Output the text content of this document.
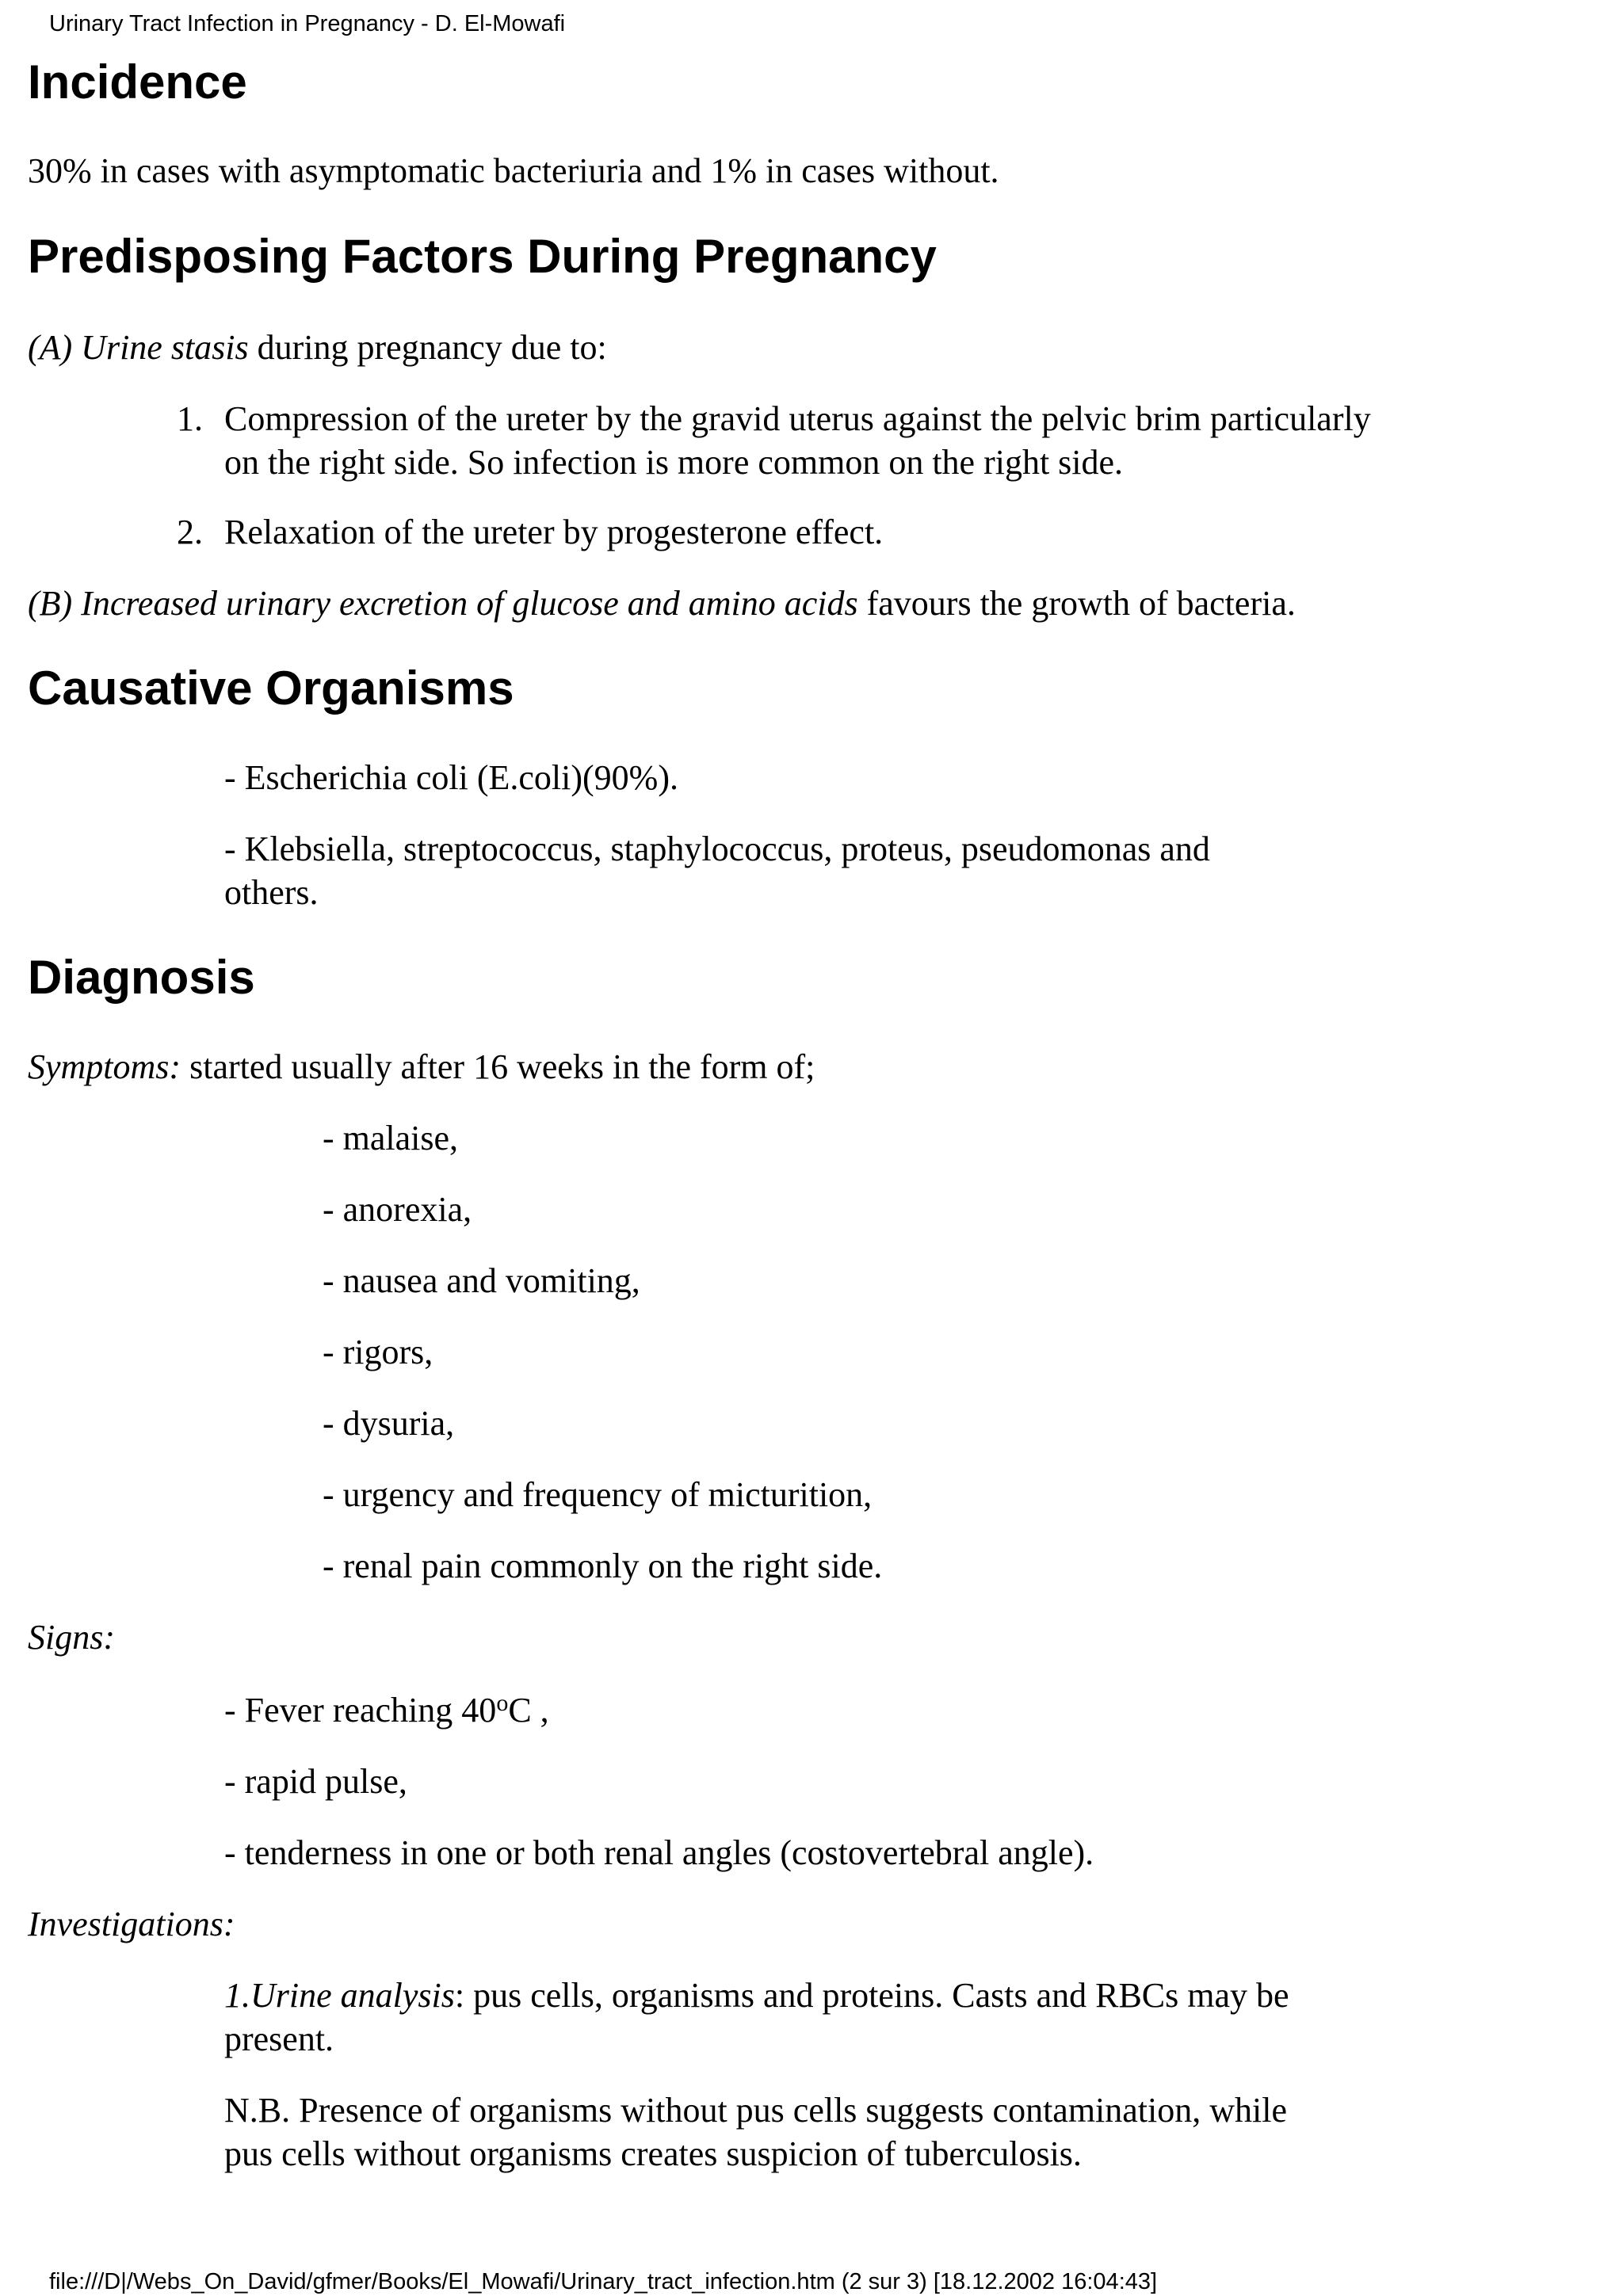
Urinary Tract Infection in Pregnancy - D. El-Mowafi
Incidence
30% in cases with asymptomatic bacteriuria and 1% in cases without.
Predisposing Factors During Pregnancy
(A) Urine stasis during pregnancy due to:
1. Compression of the ureter by the gravid uterus against the pelvic brim particularly
on the right side. So infection is more common on the right side.
2. Relaxation of the ureter by progesterone effect.
(B) Increased urinary excretion of glucose and amino acids favours the growth of bacteria.
Causative Organisms
- Escherichia coli (E.coli)(90%).
- Klebsiella, streptococcus, staphylococcus, proteus, pseudomonas and
others.
Diagnosis
Symptoms: started usually after 16 weeks in the form of;
- malaise,
- anorexia,
- nausea and vomiting,
- rigors,
- dysuria,
- urgency and frequency of micturition,
- renal pain commonly on the right side.
Signs:
- Fever reaching 40$^o$C ,
- rapid pulse,
- tenderness in one or both renal angles (costovertebral angle).
Investigations:
1.Urine analysis: pus cells, organisms and proteins. Casts and RBCs may be
present.
N.B. Presence of organisms without pus cells suggests contamination, while
pus cells without organisms creates suspicion of tuberculosis.
file:///D|/Webs_On_David/gfmer/Books/El_Mowafi/Urinary_tract_infection.htm (2 sur 3) [18.12.2002 16:04:43]
